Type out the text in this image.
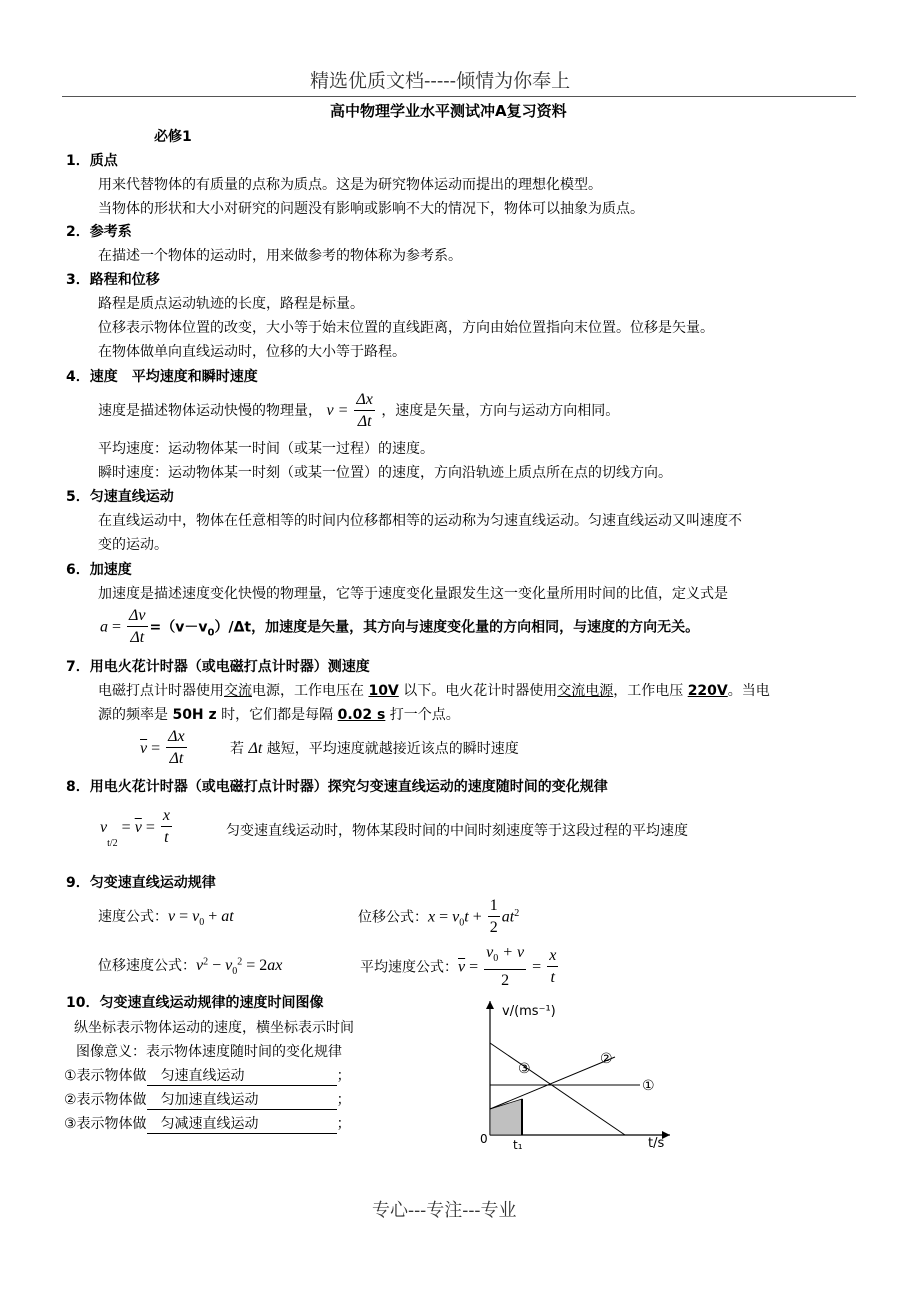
精选优质文档-----倾情为你奉上
高中物理学业水平测试冲A复习资料
必修1
1．质点
用来代替物体的有质量的点称为质点。这是为研究物体运动而提出的理想化模型。
当物体的形状和大小对研究的问题没有影响或影响不大的情况下，物体可以抽象为质点。
2．参考系
在描述一个物体的运动时，用来做参考的物体称为参考系。
3．路程和位移
路程是质点运动轨迹的长度，路程是标量。
位移表示物体位置的改变，大小等于始末位置的直线距离，方向由始位置指向末位置。位移是矢量。
在物体做单向直线运动时，位移的大小等于路程。
4．速度　平均速度和瞬时速度
速度是描述物体运动快慢的物理量， $v = \frac{\Delta x}{\Delta t}$ ，速度是矢量，方向与运动方向相同。
平均速度：运动物体某一时间（或某一过程）的速度。
瞬时速度：运动物体某一时刻（或某一位置）的速度，方向沿轨迹上质点所在点的切线方向。
5．匀速直线运动
在直线运动中，物体在任意相等的时间内位移都相等的运动称为匀速直线运动。匀速直线运动又叫速度不
变的运动。
6．加速度
加速度是描述速度变化快慢的物理量，它等于速度变化量跟发生这一变化量所用时间的比值，定义式是
$a = \frac{\Delta v}{\Delta t} =(v-v_0)/\Delta t$，加速度是矢量，其方向与速度变化量的方向相同，与速度的方向无关。
7．用电火花计时器（或电磁打点计时器）测速度
电磁打点计时器使用交流电源，工作电压在 10V 以下。电火花计时器使用交流电源，工作电压 220V。当电
源的频率是 50H z 时，它们都是每隔 0.02 s 打一个点。
$\overline{v} = \frac{\Delta x}{\Delta t}$	若 Δt 越短，平均速度就越接近该点的瞬时速度
8．用电火花计时器（或电磁打点计时器）探究匀变速直线运动的速度随时间的变化规律
$v_{t/2} = \overline{v} = \frac{x}{t}$	匀变速直线运动时，物体某段时间的中间时刻速度等于这段过程的平均速度
9．匀变速直线运动规律
速度公式：$v = v_0$ + at	位移公式：$x = v_0t + \frac{1}{2} at^2$
位移速度公式：$v^2 - v_0^2 = 2ax$	平均速度公式：$\overline{v} = \frac{v_0 + v}{2} = \frac{x}{t}$
10．匀变速直线运动规律的速度时间图像
纵坐标表示物体运动的速度，横坐标表示时间
图像意义：表示物体速度随时间的变化规律
①表示物体做 匀速直线运动	；
②表示物体做 匀加速直线运动	；
③表示物体做 匀减速直线运动	；
v/(ms⁻¹)
t/s
0 t₁
①
②
③
专心---专注---专业
